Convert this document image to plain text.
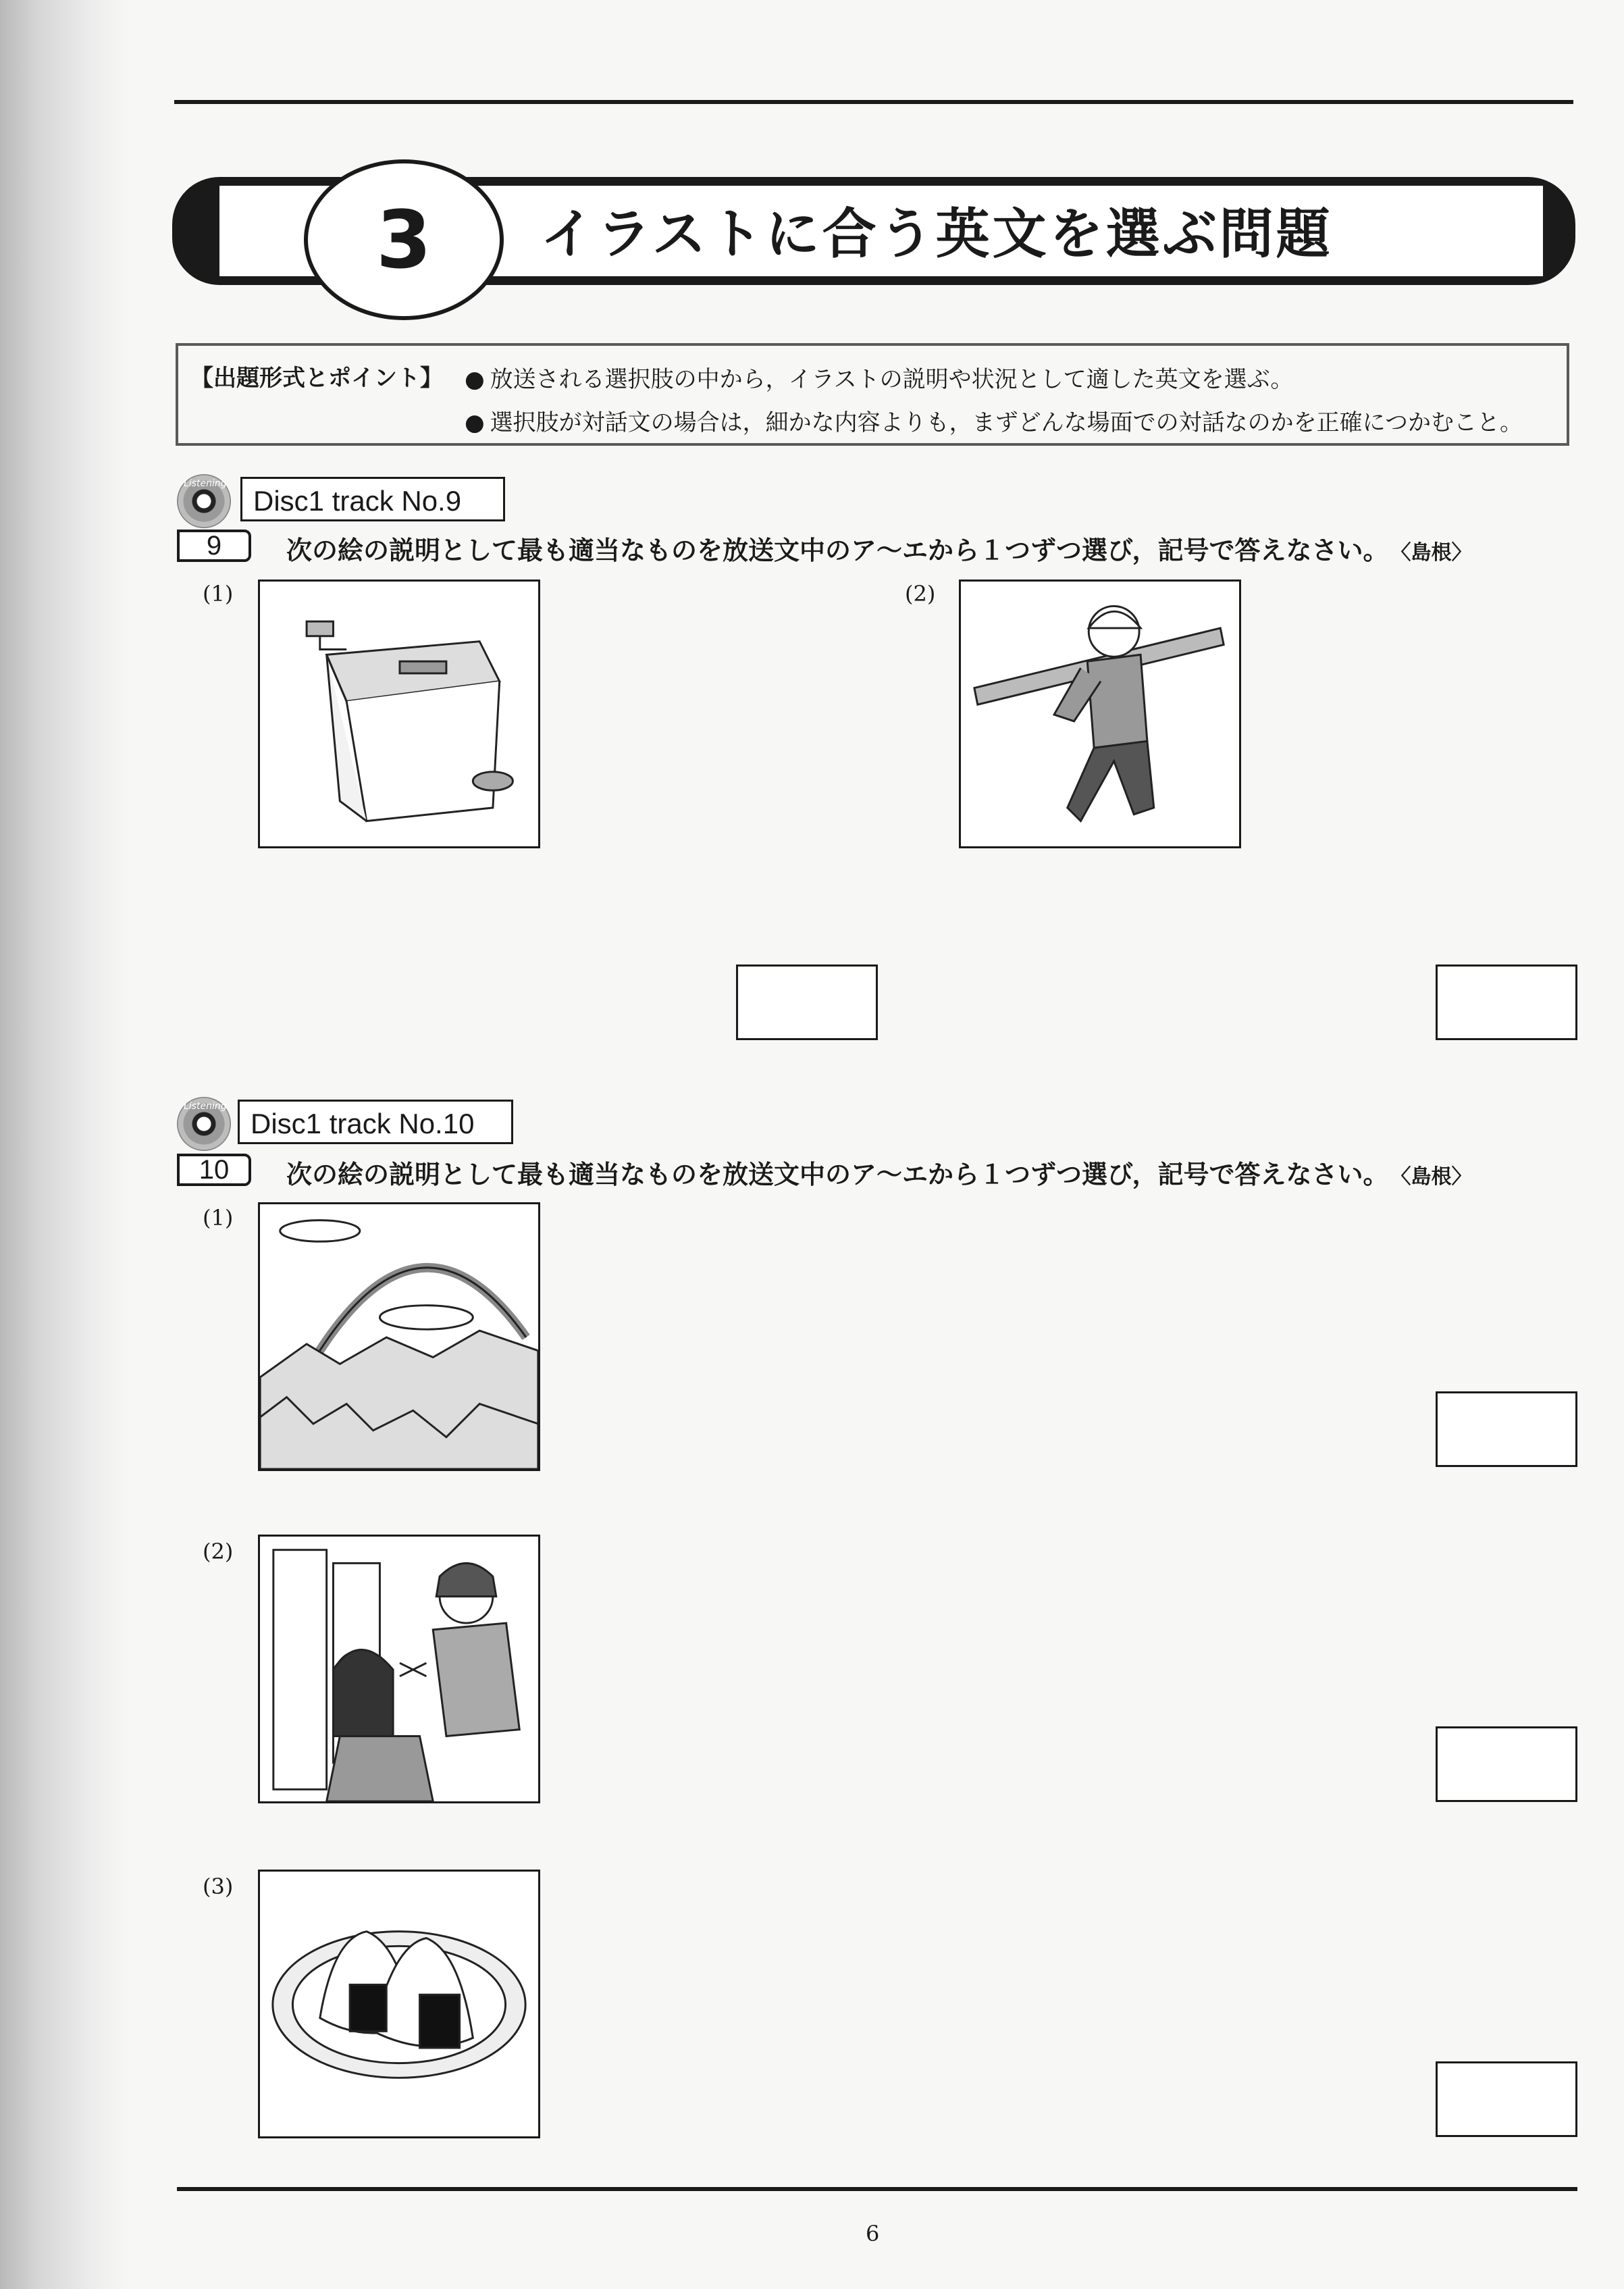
3	イラストに合う英文を選ぶ問題
【出題形式とポイント】 ● 放送される選択肢の中から，イラストの説明や状況として適した英文を選ぶ。
● 選択肢が対話文の場合は，細かな内容よりも，まずどんな場面での対話なのかを正確につかむこと。
Listening
Disc1 track No.9
9	次の絵の説明として最も適当なものを放送文中のア〜エから１つずつ選び，記号で答えなさい。 〈島根〉
(1)	(2)
Listening
Disc1 track No.10
10	次の絵の説明として最も適当なものを放送文中のア〜エから１つずつ選び，記号で答えなさい。 〈島根〉
(1)
(2)
(3)
6
